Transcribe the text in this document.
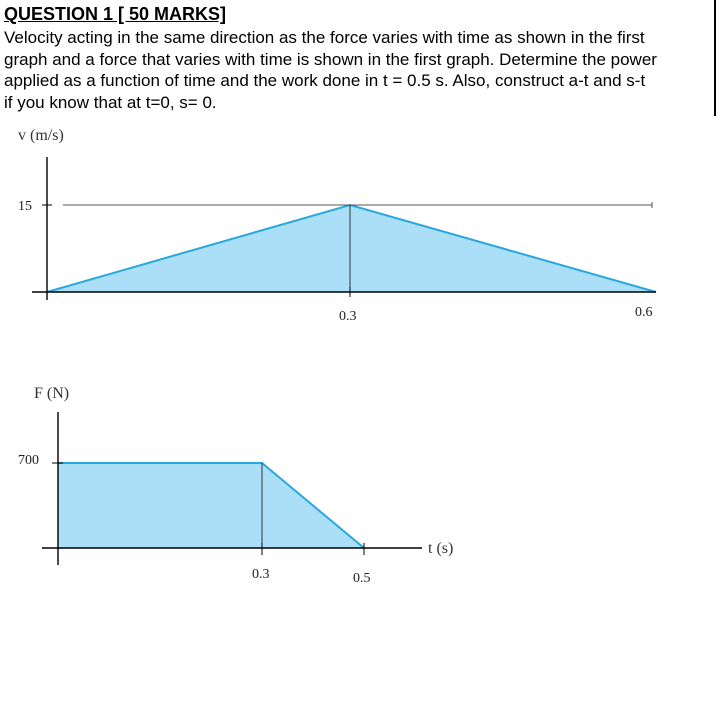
QUESTION 1 [ 50 MARKS]
Velocity acting in the same direction as the force varies with time as shown in the first
graph and a force that varies with time is shown in the first graph. Determine the power
applied as a function of time and the work done in t = 0.5 s. Also, construct a-t and s-t
if you know that at t=0, s= 0.
v (m/s)
15
0.3	0.6
F (N)
700
0.3	0.5
t (s)
